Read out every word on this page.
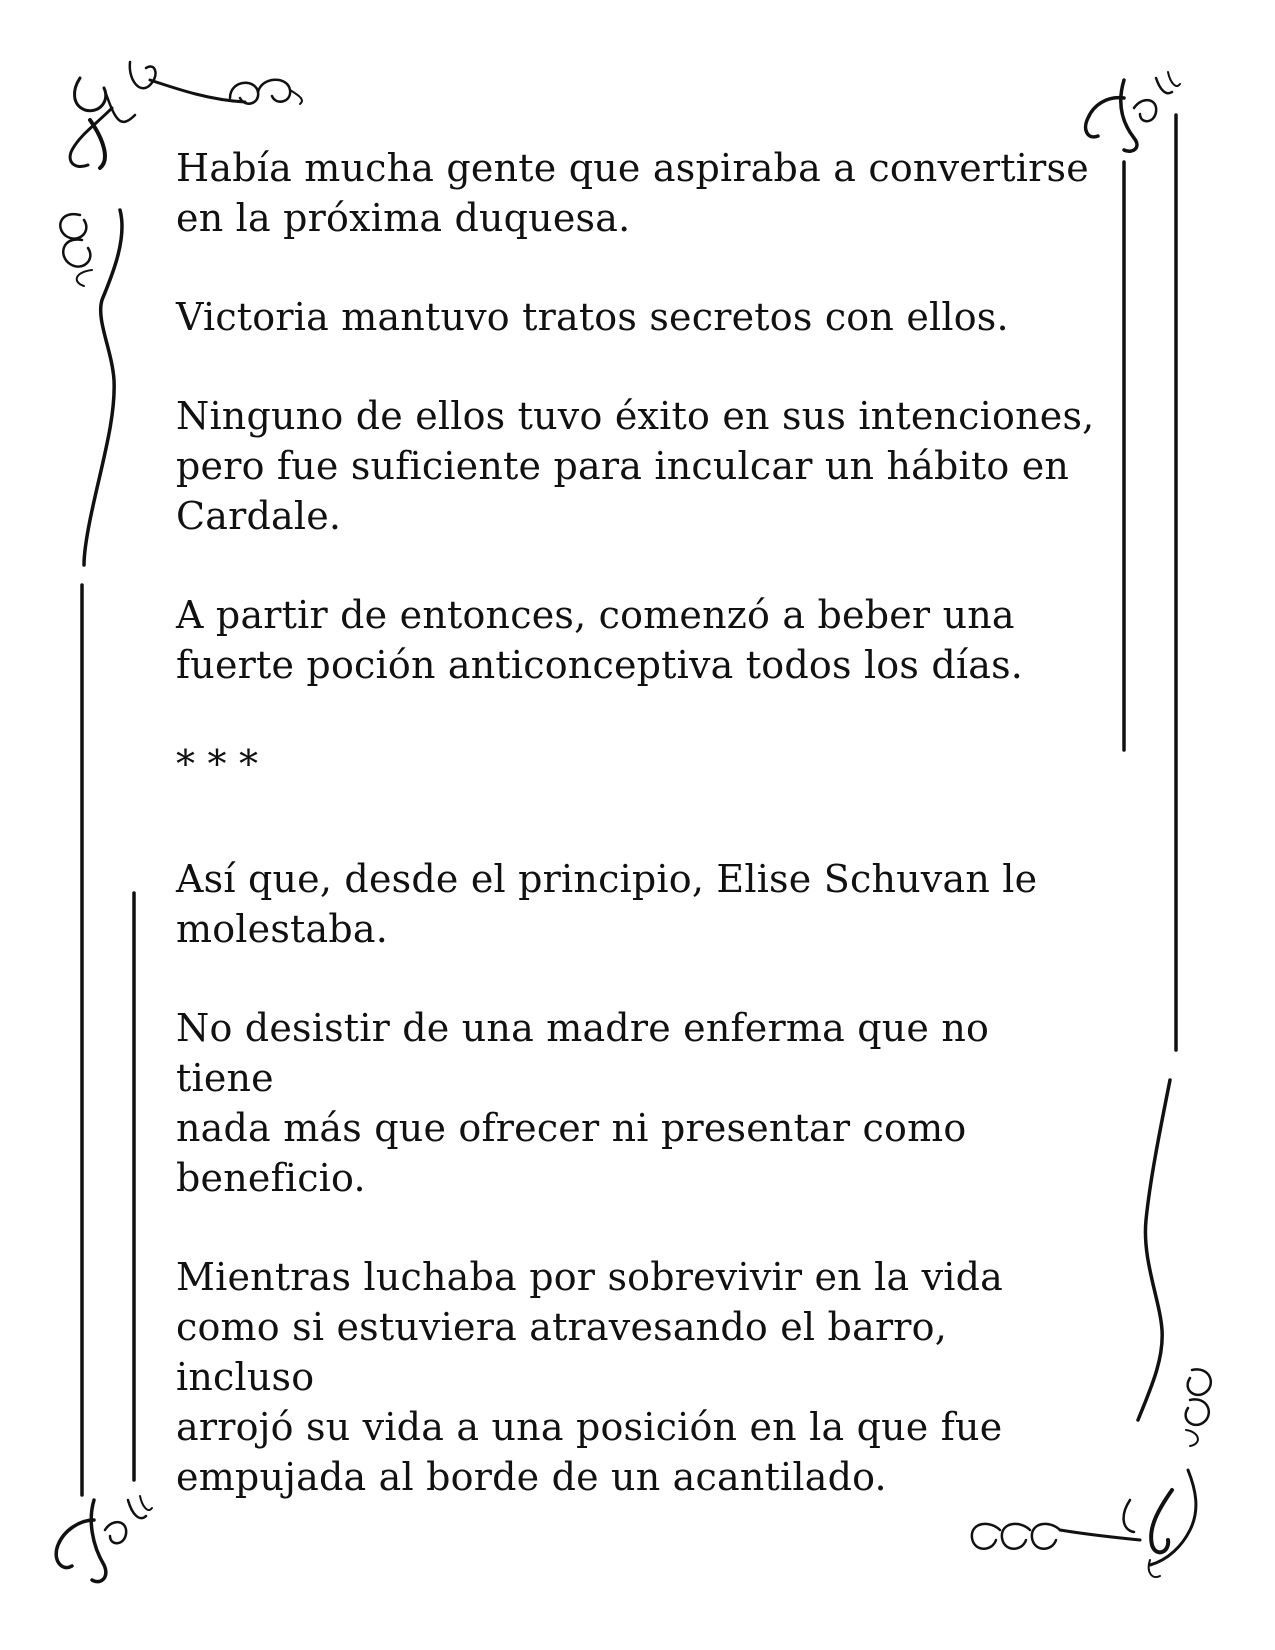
Había mucha gente que aspiraba a convertirse
en la próxima duquesa.

Victoria mantuvo tratos secretos con ellos.

Ninguno de ellos tuvo éxito en sus intenciones,
pero fue suficiente para inculcar un hábito en
Cardale.

A partir de entonces, comenzó a beber una
fuerte poción anticonceptiva todos los días.

* * *

Así que, desde el principio, Elise Schuvan le
molestaba.

No desistir de una madre enferma que no tiene
nada más que ofrecer ni presentar como
beneficio.

Mientras luchaba por sobrevivir en la vida
como si estuviera atravesando el barro, incluso
arrojó su vida a una posición en la que fue
empujada al borde de un acantilado.
